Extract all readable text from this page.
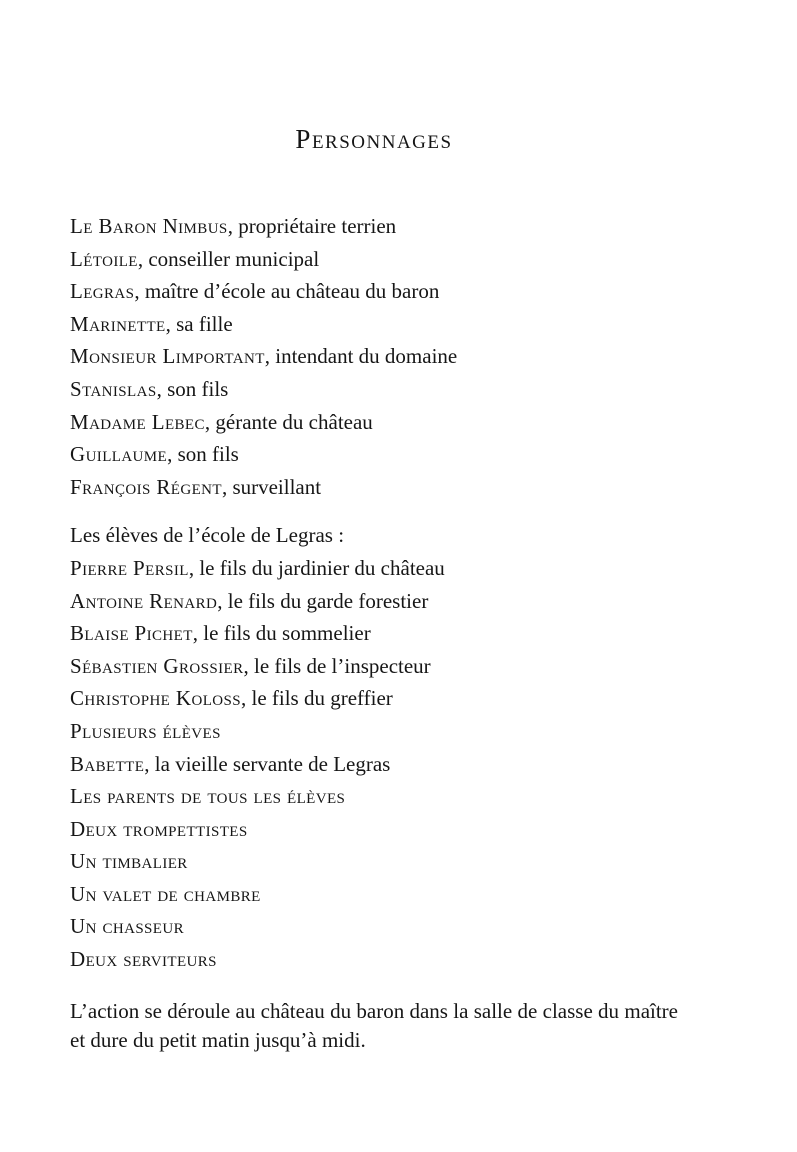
Personnages
Le Baron Nimbus, propriétaire terrien
Létoile, conseiller municipal
Legras, maître d’école au château du baron
Marinette, sa fille
Monsieur Limportant, intendant du domaine
Stanislas, son fils
Madame Lebec, gérante du château
Guillaume, son fils
François Régent, surveillant
Les élèves de l’école de Legras :
Pierre Persil, le fils du jardinier du château
Antoine Renard, le fils du garde forestier
Blaise Pichet, le fils du sommelier
Sébastien Grossier, le fils de l’inspecteur
Christophe Koloss, le fils du greffier
Plusieurs élèves
Babette, la vieille servante de Legras
Les parents de tous les élèves
Deux trompettistes
Un timbalier
Un valet de chambre
Un chasseur
Deux serviteurs

L’action se déroule au château du baron dans la salle de classe du maître et dure du petit matin jusqu’à midi.
